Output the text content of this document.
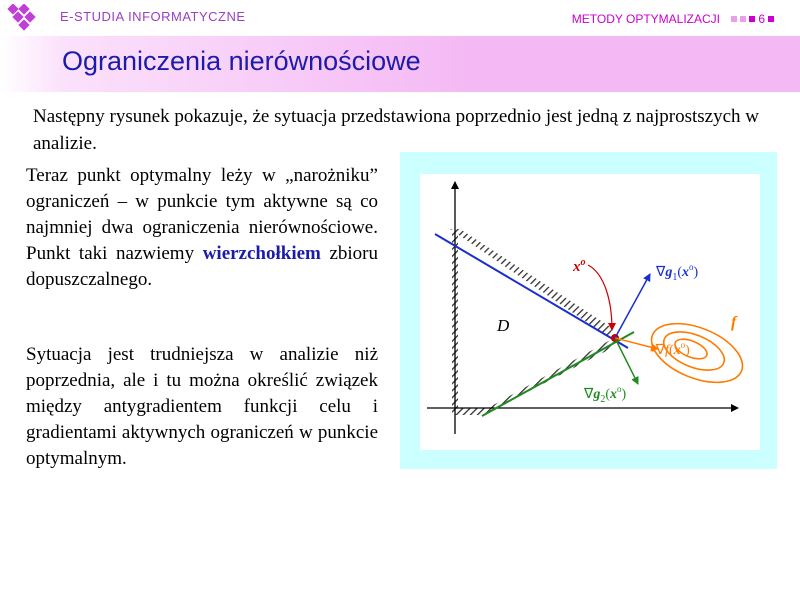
E-STUDIA INFORMATYCZNE	METODY OPTYMALIZACJI	6
Ograniczenia nierównościowe
Następny rysunek pokazuje, że sytuacja przedstawiona poprzednio jest jedną z najprostszych w analizie.
Teraz punkt optymalny leży w „narożniku” ograniczeń – w punkcie tym aktywne są co najmniej dwa ograniczenia nierównościowe. Punkt taki nazwiemy wierzchołkiem zbioru dopuszczalnego.
Sytuacja jest trudniejsza w analizie niż poprzednia, ale i tu można określić związek między antygradientem funkcji celu i gradientami aktywnych ograniczeń w punkcie optymalnym.
D
$x^o$
$\nabla g_1(x^o)$
$-\nabla f(x^o)$
$\nabla g_2(x^o)$
f
